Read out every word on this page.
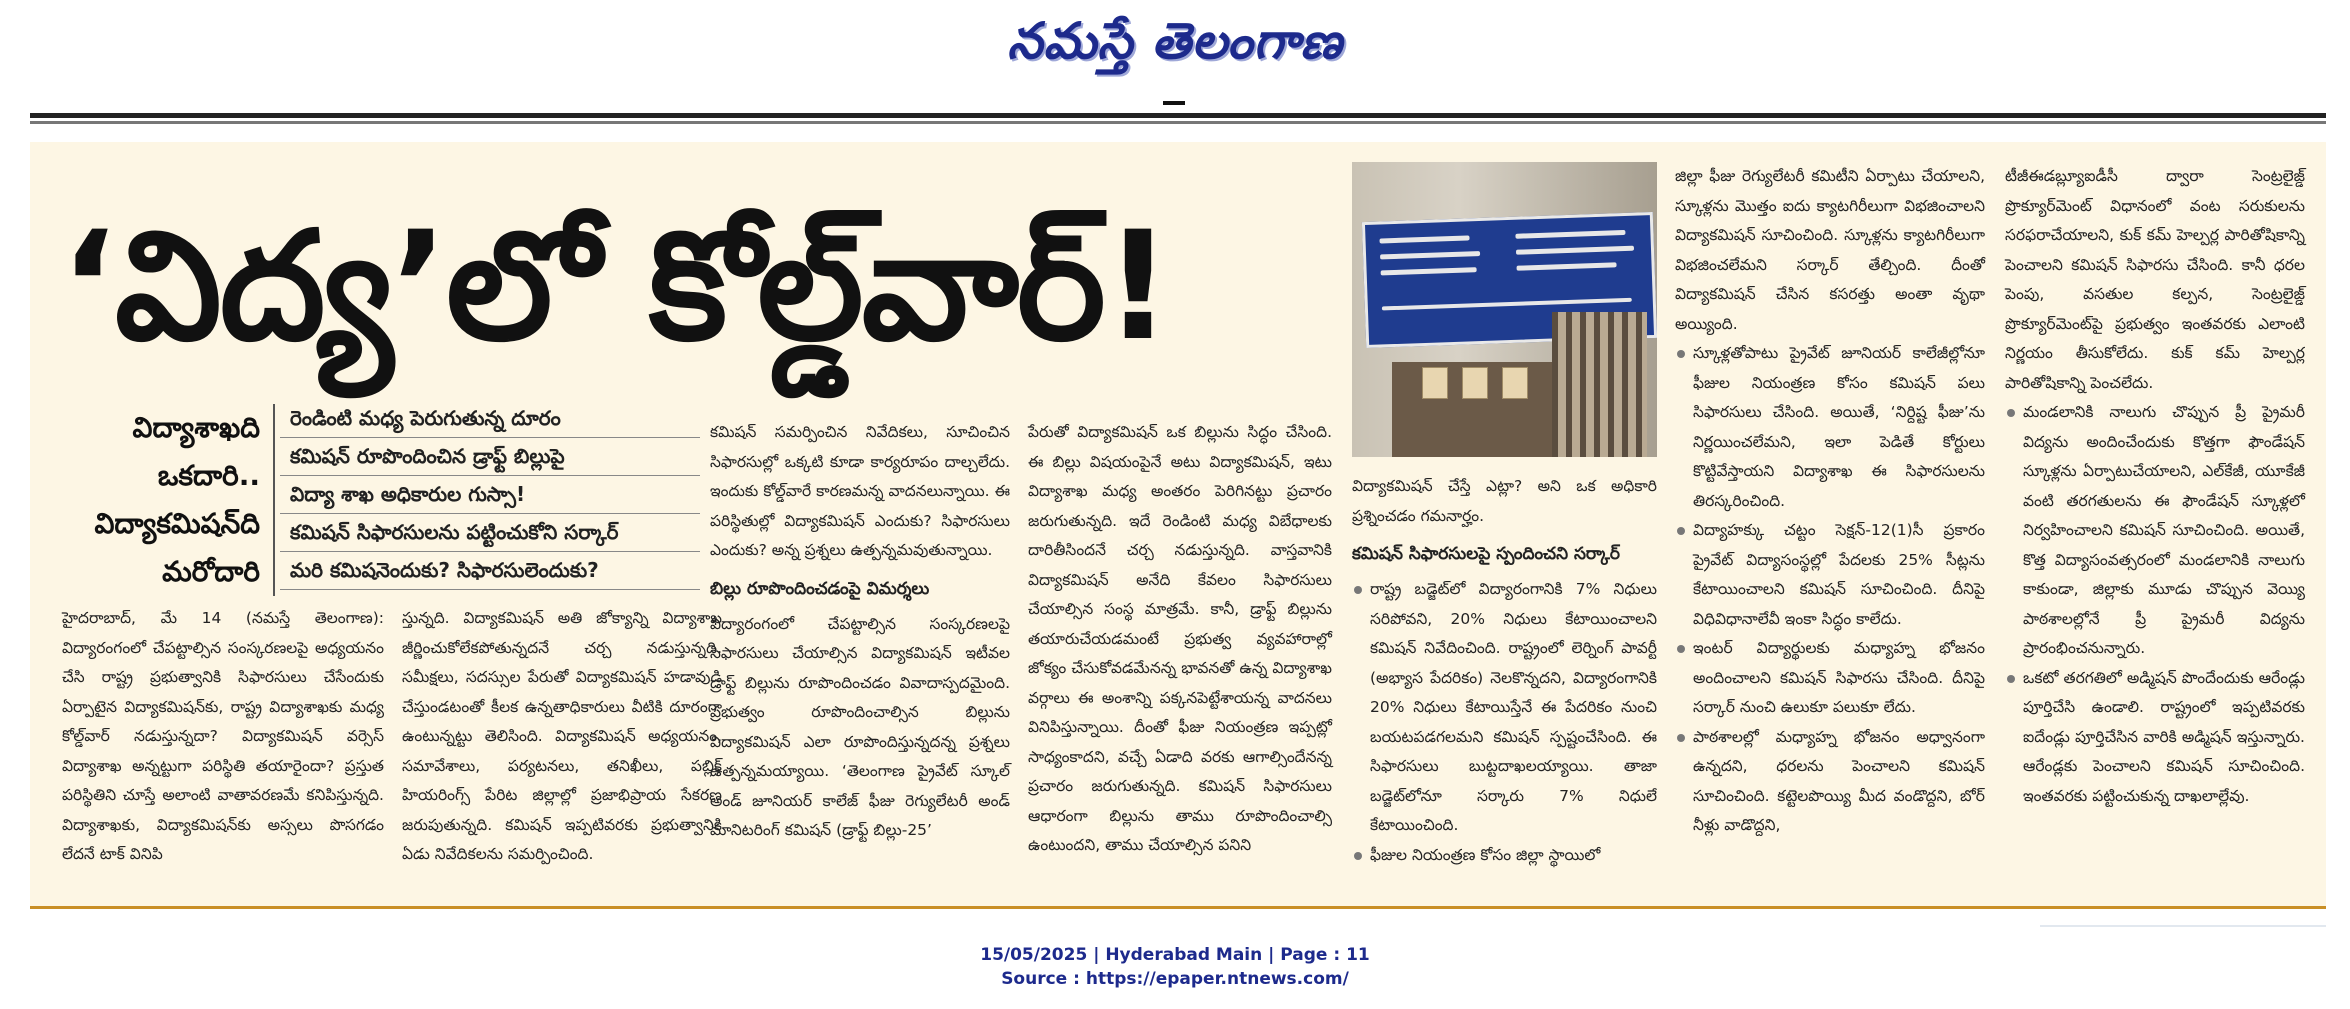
నమస్తే తెలంగాణ
‘విద్య’లో కోల్డ్‌వార్!
విద్యాశాఖది
ఒకదారి..
విద్యాకమిషన్‌ది
మరోదారి
రెండింటి మధ్య పెరుగుతున్న దూరం
కమిషన్ రూపొందించిన డ్రాఫ్ట్ బిల్లుపై
విద్యా శాఖ అధికారుల గుస్సా!
కమిషన్ సిఫారసులను పట్టించుకోని సర్కార్
మరి కమిషనెందుకు? సిఫారసులెందుకు?

హైదరాబాద్, మే 14 (నమస్తే తెలంగాణ): విద్యారంగంలో చేపట్టాల్సిన సంస్కరణలపై అధ్యయనం చేసి రాష్ట్ర ప్రభుత్వానికి సిఫారసులు చేసేందుకు ఏర్పాటైన విద్యాకమిషన్‌కు, రాష్ట్ర విద్యాశాఖకు మధ్య కోల్డ్‌వార్ నడుస్తున్నదా? విద్యాకమిషన్ వర్సెస్ విద్యాశాఖ అన్నట్టుగా పరిస్థితి తయారైందా? ప్రస్తుత పరిస్థితిని చూస్తే అలాంటి వాతావరణమే కనిపిస్తున్నది. విద్యాశాఖకు, విద్యాకమిషన్‌కు అస్సలు పొసగడం లేదనే టాక్ వినిపి

స్తున్నది. విద్యాకమిషన్ అతి జోక్యాన్ని విద్యాశాఖ జీర్ణించుకోలేకపోతున్నదనే చర్చ నడుస్తున్నది. సమీక్షలు, సదస్సుల పేరుతో విద్యాకమిషన్ హడావుడి చేస్తుండటంతో కీలక ఉన్నతాధికారులు వీటికి దూరంగా ఉంటున్నట్టు తెలిసింది. విద్యాకమిషన్ అధ్యయనం, సమావేశాలు, పర్యటనలు, తనిఖీలు, పబ్లిక్ హియరింగ్స్ పేరిట జిల్లాల్లో ప్రజాభిప్రాయ సేకరణ జరుపుతున్నది. కమిషన్ ఇప్పటివరకు ప్రభుత్వానికి ఏడు నివేదికలను సమర్పించింది.

కమిషన్ సమర్పించిన నివేదికలు, సూచించిన సిఫారసుల్లో ఒక్కటి కూడా కార్యరూపం దాల్చలేదు. ఇందుకు కోల్డ్‌వారే కారణమన్న వాదనలున్నాయి. ఈ పరిస్థితుల్లో విద్యాకమిషన్ ఎందుకు? సిఫారసులు ఎందుకు? అన్న ప్రశ్నలు ఉత్పన్నమవుతున్నాయి.

బిల్లు రూపొందించడంపై విమర్శలు

విద్యారంగంలో చేపట్టాల్సిన సంస్కరణలపై సిఫారసులు చేయాల్సిన విద్యాకమిషన్ ఇటీవల డ్రాఫ్ట్ బిల్లును రూపొందించడం వివాదాస్పదమైంది. ప్రభుత్వం రూపొందించాల్సిన బిల్లును విద్యాకమిషన్ ఎలా రూపొందిస్తున్నదన్న ప్రశ్నలు ఉత్పన్నమయ్యాయి. ‘తెలంగాణ ప్రైవేట్ స్కూల్ అండ్ జూనియర్ కాలేజ్ ఫీజు రెగ్యులేటరీ అండ్ మానిటరింగ్ కమిషన్ (డ్రాఫ్ట్ బిల్లు-25’

పేరుతో విద్యాకమిషన్ ఒక బిల్లును సిద్ధం చేసింది. ఈ బిల్లు విషయంపైనే అటు విద్యాకమిషన్, ఇటు విద్యాశాఖ మధ్య అంతరం పెరిగినట్టు ప్రచారం జరుగుతున్నది. ఇదే రెండింటి మధ్య విబేధాలకు దారితీసిందనే చర్చ నడుస్తున్నది. వాస్తవానికి విద్యాకమిషన్ అనేది కేవలం సిఫారసులు చేయాల్సిన సంస్థ మాత్రమే. కానీ, డ్రాఫ్ట్ బిల్లును తయారుచేయడమంటే ప్రభుత్వ వ్యవహారాల్లో జోక్యం చేసుకోవడమేనన్న భావనతో ఉన్న విద్యాశాఖ వర్గాలు ఈ అంశాన్ని పక్కనపెట్టేశాయన్న వాదనలు వినిపిస్తున్నాయి. దీంతో ఫీజు నియంత్రణ ఇప్పట్లో సాధ్యంకాదని, వచ్చే ఏడాది వరకు ఆగాల్సిందేనన్న ప్రచారం జరుగుతున్నది. కమిషన్ సిఫారసులు ఆధారంగా బిల్లును తాము రూపొందించాల్సి ఉంటుందని, తాము చేయాల్సిన పనిని

విద్యాకమిషన్ చేస్తే ఎట్లా? అని ఒక అధికారి ప్రశ్నించడం గమనార్హం.

కమిషన్ సిఫారసులపై స్పందించని సర్కార్

రాష్ట్ర బడ్జెట్‌లో విద్యారంగానికి 7% నిధులు సరిపోవని, 20% నిధులు కేటాయించాలని కమిషన్ నివేదించింది. రాష్ట్రంలో లెర్నింగ్ పావర్టీ (అభ్యాస పేదరికం) నెలకొన్నదని, విద్యారంగానికి 20% నిధులు కేటాయిస్తేనే ఈ పేదరికం నుంచి బయటపడగలమని కమిషన్ స్పష్టంచేసింది. ఈ సిఫారసులు బుట్టదాఖలయ్యాయి. తాజా బడ్జెట్‌లోనూ సర్కారు 7% నిధులే కేటాయించింది.

ఫీజుల నియంత్రణ కోసం జిల్లా స్థాయిలో

జిల్లా ఫీజు రెగ్యులేటరీ కమిటీని ఏర్పాటు చేయాలని, స్కూళ్లను మొత్తం ఐదు క్యాటగిరీలుగా విభజించాలని విద్యాకమిషన్ సూచించింది. స్కూళ్లను క్యాటగిరీలుగా విభజించలేమని సర్కార్ తేల్చింది. దీంతో విద్యాకమిషన్ చేసిన కసరత్తు అంతా వృథా అయ్యింది.

స్కూళ్లతోపాటు ప్రైవేట్ జూనియర్ కాలేజీల్లోనూ ఫీజుల నియంత్రణ కోసం కమిషన్ పలు సిఫారసులు చేసింది. అయితే, ‘నిర్దిష్ట ఫీజు’ను నిర్ణయించలేమని, ఇలా పెడితే కోర్టులు కొట్టివేస్తాయని విద్యాశాఖ ఈ సిఫారసులను తిరస్కరించింది.

విద్యాహక్కు చట్టం సెక్షన్-12(1)సీ ప్రకారం ప్రైవేట్ విద్యాసంస్థల్లో పేదలకు 25% సీట్లను కేటాయించాలని కమిషన్ సూచించింది. దీనిపై విధివిధానాలేవీ ఇంకా సిద్ధం కాలేదు.

ఇంటర్ విద్యార్థులకు మధ్యాహ్న భోజనం అందించాలని కమిషన్ సిఫారసు చేసింది. దీనిపై సర్కార్ నుంచి ఉలుకూ పలుకూ లేదు.

పాఠశాలల్లో మధ్యాహ్న భోజనం అధ్వానంగా ఉన్నదని, ధరలను పెంచాలని కమిషన్ సూచించింది. కట్టెలపొయ్యి మీద వండొద్దని, బోర్ నీళ్లు వాడొద్దని,

టీజీఈడబ్ల్యూఐడీసీ ద్వారా సెంట్రలైజ్డ్ ప్రొక్యూర్‌మెంట్ విధానంలో వంట సరుకులను సరఫరాచేయాలని, కుక్ కమ్ హెల్పర్ల పారితోషికాన్ని పెంచాలని కమిషన్ సిఫారసు చేసింది. కానీ ధరల పెంపు, వసతుల కల్పన, సెంట్రలైజ్డ్ ప్రొక్యూర్‌మెంట్‌పై ప్రభుత్వం ఇంతవరకు ఎలాంటి నిర్ణయం తీసుకోలేదు. కుక్ కమ్ హెల్పర్ల పారితోషికాన్ని పెంచలేదు.

మండలానికి నాలుగు చొప్పున ప్రీ ప్రైమరీ విద్యను అందించేందుకు కొత్తగా ఫౌండేషన్ స్కూళ్లను ఏర్పాటుచేయాలని, ఎల్‌కేజీ, యూకేజీ వంటి తరగతులను ఈ ఫౌండేషన్ స్కూళ్లలో నిర్వహించాలని కమిషన్ సూచించింది. అయితే, కొత్త విద్యాసంవత్సరంలో మండలానికి నాలుగు కాకుండా, జిల్లాకు మూడు చొప్పున వెయ్యి పాఠశాలల్లోనే ప్రీ ప్రైమరీ విద్యను ప్రారంభించనున్నారు.

ఒకటో తరగతిలో అడ్మిషన్ పొందేందుకు ఆరేండ్లు పూర్తిచేసి ఉండాలి. రాష్ట్రంలో ఇప్పటివరకు ఐదేండ్లు పూర్తిచేసిన వారికి అడ్మిషన్ ఇస్తున్నారు. ఆరేండ్లకు పెంచాలని కమిషన్ సూచించింది. ఇంతవరకు పట్టించుకున్న దాఖలాల్లేవు.

15/05/2025 | Hyderabad Main | Page : 11
Source : https://epaper.ntnews.com/
